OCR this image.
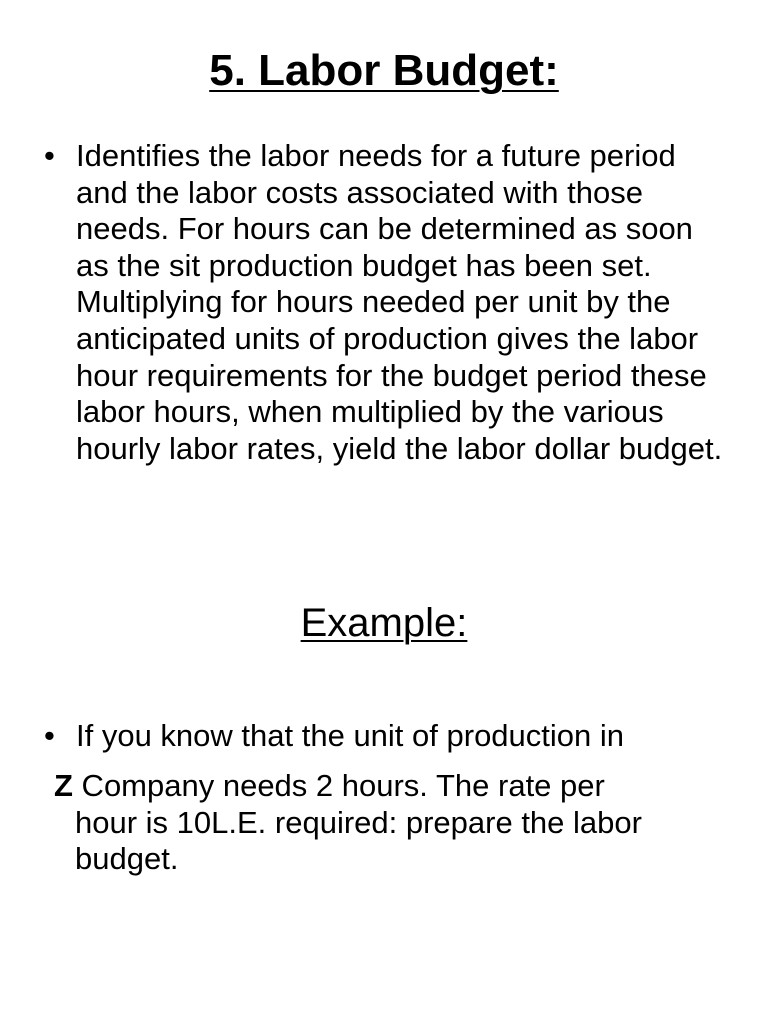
5. Labor Budget:
• Identifies the labor needs for a future period and the labor costs associated with those needs. For hours can be determined as soon as the sit production budget has been set. Multiplying for hours needed per unit by the anticipated units of production gives the labor hour requirements for the budget period these labor hours, when multiplied by the various hourly labor rates, yield the labor dollar budget.
Example:
• If you know that the unit of production in
Z Company needs 2 hours. The rate per
hour is 10L.E. required: prepare the labor
budget.
